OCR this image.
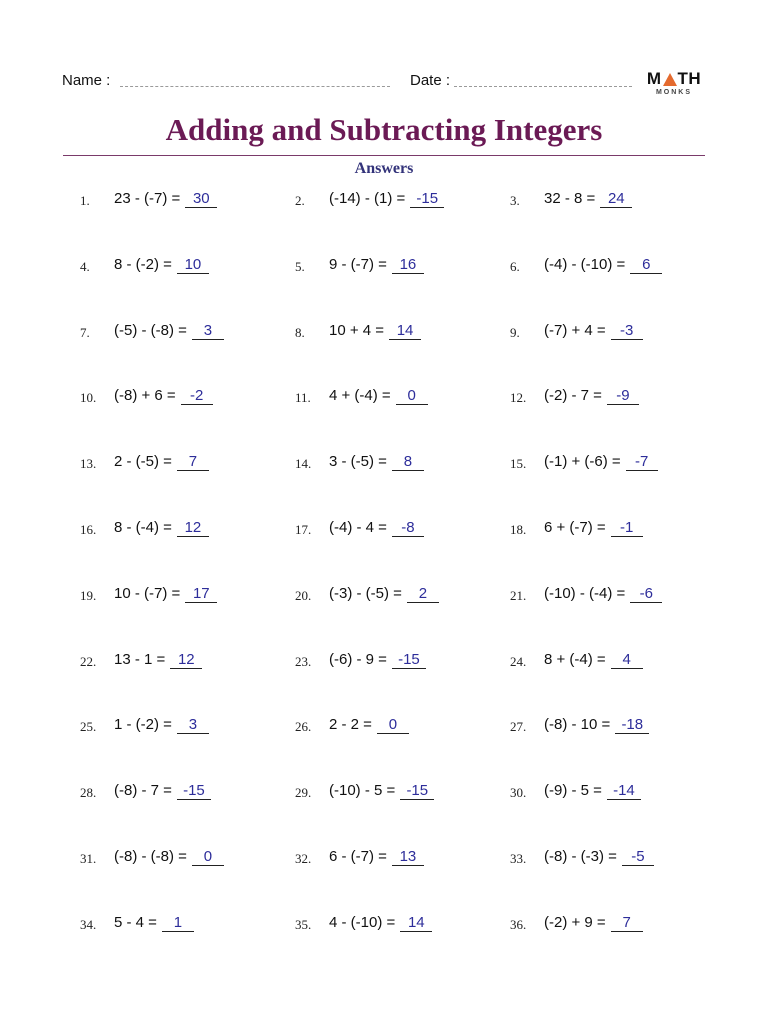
Name :	Date :	M TH
MONKS
Adding and Subtracting Integers
Answers
1. 23 - (-7) = 30	2. (-14) - (1) = -15	3. 32 - 8 = 24
4. 8 - (-2) = 10	5. 9 - (-7) = 16	6. (-4) - (-10) = 6
7. (-5) - (-8) = 3	8. 10 + 4 = 14	9. (-7) + 4 = -3
10. (-8) + 6 = -2	11. 4 + (-4) = 0	12. (-2) - 7 = -9
13. 2 - (-5) = 7	14. 3 - (-5) = 8	15. (-1) + (-6) = -7
16. 8 - (-4) = 12	17. (-4) - 4 = -8	18. 6 + (-7) = -1
19. 10 - (-7) = 17	20. (-3) - (-5) = 2	21. (-10) - (-4) = -6
22. 13 - 1 = 12	23. (-6) - 9 = -15	24. 8 + (-4) = 4
25. 1 - (-2) = 3	26. 2 - 2 = 0	27. (-8) - 10 = -18
28. (-8) - 7 = -15	29. (-10) - 5 = -15	30. (-9) - 5 = -14
31. (-8) - (-8) = 0	32. 6 - (-7) = 13	33. (-8) - (-3) = -5
34. 5 - 4 = 1	35. 4 - (-10) = 14	36. (-2) + 9 = 7
